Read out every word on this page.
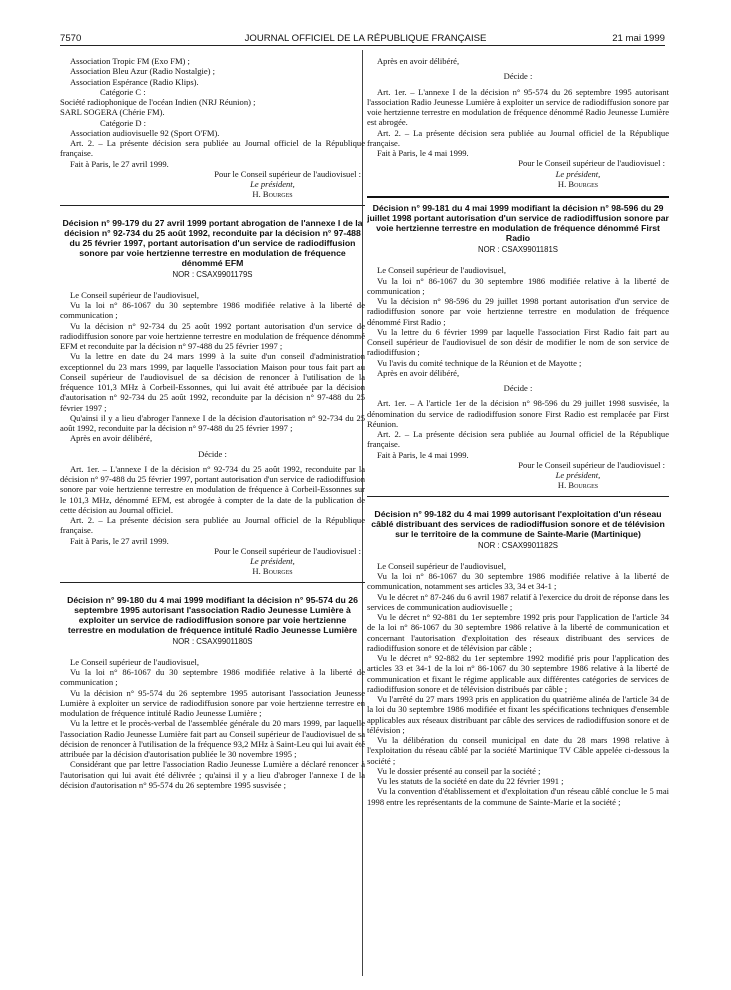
7570	JOURNAL OFFICIEL DE LA RÉPUBLIQUE FRANÇAISE	21 mai 1999

Association Tropic FM (Exo FM) ;

Association Bleu Azur (Radio Nostalgie) ;

Association Espérance (Radio Klips).

Catégorie C :

Société radiophonique de l'océan Indien (NRJ Réunion) ;

SARL SOGERA (Chérie FM).

Catégorie D :

Association audiovisuelle 92 (Sport O'FM).

Art. 2. – La présente décision sera publiée au Journal officiel de la République française.

Fait à Paris, le 27 avril 1999.

Pour le Conseil supérieur de l'audiovisuel :

Le président,

H. Bourges

Décision n° 99-179 du 27 avril 1999 portant abrogation de l'annexe I de la décision n° 92-734 du 25 août 1992, reconduite par la décision n° 97-488 du 25 février 1997, portant autorisation d'un service de radiodiffusion sonore par voie hertzienne terrestre en modulation de fréquence dénommé EFM

NOR : CSAX9901179S

Le Conseil supérieur de l'audiovisuel,

Vu la loi n° 86-1067 du 30 septembre 1986 modifiée relative à la liberté de communication ;

Vu la décision n° 92-734 du 25 août 1992 portant autorisation d'un service de radiodiffusion sonore par voie hertzienne terrestre en modulation de fréquence dénommé EFM et reconduite par la décision n° 97-488 du 25 février 1997 ;

Vu la lettre en date du 24 mars 1999 à la suite d'un conseil d'administration exceptionnel du 23 mars 1999, par laquelle l'association Maison pour tous fait part au Conseil supérieur de l'audiovisuel de sa décision de renoncer à l'utilisation de la fréquence 101,3 MHz à Corbeil-Essonnes, qui lui avait été attribuée par la décision d'autorisation n° 92-734 du 25 août 1992, reconduite par la décision n° 97-488 du 25 février 1997 ;

Qu'ainsi il y a lieu d'abroger l'annexe I de la décision d'autorisation n° 92-734 du 25 août 1992, reconduite par la décision n° 97-488 du 25 février 1997 ;

Après en avoir délibéré,

Décide :

Art. 1er. – L'annexe I de la décision n° 92-734 du 25 août 1992, reconduite par la décision n° 97-488 du 25 février 1997, portant autorisation d'un service de radiodiffusion sonore par voie hertzienne terrestre en modulation de fréquence à Corbeil-Essonnes sur le 101,3 MHz, dénommé EFM, est abrogée à compter de la date de la publication de cette décision au Journal officiel.

Art. 2. – La présente décision sera publiée au Journal officiel de la République française.

Fait à Paris, le 27 avril 1999.

Pour le Conseil supérieur de l'audiovisuel :

Le président,

H. Bourges

Décision n° 99-180 du 4 mai 1999 modifiant la décision n° 95-574 du 26 septembre 1995 autorisant l'association Radio Jeunesse Lumière à exploiter un service de radiodiffusion sonore par voie hertzienne terrestre en modulation de fréquence intitulé Radio Jeunesse Lumière

NOR : CSAX9901180S

Le Conseil supérieur de l'audiovisuel,

Vu la loi n° 86-1067 du 30 septembre 1986 modifiée relative à la liberté de communication ;

Vu la décision n° 95-574 du 26 septembre 1995 autorisant l'association Jeunesse Lumière à exploiter un service de radiodiffusion sonore par voie hertzienne terrestre en modulation de fréquence intitulé Radio Jeunesse Lumière ;

Vu la lettre et le procès-verbal de l'assemblée générale du 20 mars 1999, par laquelle l'association Radio Jeunesse Lumière fait part au Conseil supérieur de l'audiovisuel de sa décision de renoncer à l'utilisation de la fréquence 93,2 MHz à Saint-Leu qui lui avait été attribuée par la décision d'autorisation publiée le 30 novembre 1995 ;

Considérant que par lettre l'association Radio Jeunesse Lumière a déclaré renoncer à l'autorisation qui lui avait été délivrée ; qu'ainsi il y a lieu d'abroger l'annexe I de la décision d'autorisation n° 95-574 du 26 septembre 1995 susvisée ;

Après en avoir délibéré,

Décide :

Art. 1er. – L'annexe I de la décision n° 95-574 du 26 septembre 1995 autorisant l'association Radio Jeunesse Lumière à exploiter un service de radiodiffusion sonore par voie hertzienne terrestre en modulation de fréquence dénommé Radio Jeunesse Lumière est abrogée.

Art. 2. – La présente décision sera publiée au Journal officiel de la République française.

Fait à Paris, le 4 mai 1999.

Pour le Conseil supérieur de l'audiovisuel :

Le président,

H. Bourges

Décision n° 99-181 du 4 mai 1999 modifiant la décision n° 98-596 du 29 juillet 1998 portant autorisation d'un service de radiodiffusion sonore par voie hertzienne terrestre en modulation de fréquence dénommé First Radio

NOR : CSAX9901181S

Le Conseil supérieur de l'audiovisuel,

Vu la loi n° 86-1067 du 30 septembre 1986 modifiée relative à la liberté de communication ;

Vu la décision n° 98-596 du 29 juillet 1998 portant autorisation d'un service de radiodiffusion sonore par voie hertzienne terrestre en modulation de fréquence dénommé First Radio ;

Vu la lettre du 6 février 1999 par laquelle l'association First Radio fait part au Conseil supérieur de l'audiovisuel de son désir de modifier le nom de son service de radiodiffusion ;

Vu l'avis du comité technique de la Réunion et de Mayotte ;

Après en avoir délibéré,

Décide :

Art. 1er. – A l'article 1er de la décision n° 98-596 du 29 juillet 1998 susvisée, la dénomination du service de radiodiffusion sonore First Radio est remplacée par First Réunion.

Art. 2. – La présente décision sera publiée au Journal officiel de la République française.

Fait à Paris, le 4 mai 1999.

Pour le Conseil supérieur de l'audiovisuel :

Le président,

H. Bourges

Décision n° 99-182 du 4 mai 1999 autorisant l'exploitation d'un réseau câblé distribuant des services de radiodiffusion sonore et de télévision sur le territoire de la commune de Sainte-Marie (Martinique)

NOR : CSAX9901182S

Le Conseil supérieur de l'audiovisuel,

Vu la loi n° 86-1067 du 30 septembre 1986 modifiée relative à la liberté de communication, notamment ses articles 33, 34 et 34-1 ;

Vu le décret n° 87-246 du 6 avril 1987 relatif à l'exercice du droit de réponse dans les services de communication audiovisuelle ;

Vu le décret n° 92-881 du 1er septembre 1992 pris pour l'application de l'article 34 de la loi n° 86-1067 du 30 septembre 1986 relative à la liberté de communication et concernant l'autorisation d'exploitation des réseaux distribuant des services de radiodiffusion sonore et de télévision par câble ;

Vu le décret n° 92-882 du 1er septembre 1992 modifié pris pour l'application des articles 33 et 34-1 de la loi n° 86-1067 du 30 septembre 1986 relative à la liberté de communication et fixant le régime applicable aux différentes catégories de services de radiodiffusion sonore et de télévision distribués par câble ;

Vu l'arrêté du 27 mars 1993 pris en application du quatrième alinéa de l'article 34 de la loi du 30 septembre 1986 modifiée et fixant les spécifications techniques d'ensemble applicables aux réseaux distribuant par câble des services de radiodiffusion sonore et de télévision ;

Vu la délibération du conseil municipal en date du 28 mars 1998 relative à l'exploitation du réseau câblé par la société Martinique TV Câble appelée ci-dessous la société ;

Vu le dossier présenté au conseil par la société ;

Vu les statuts de la société en date du 22 février 1991 ;

Vu la convention d'établissement et d'exploitation d'un réseau câblé conclue le 5 mai 1998 entre les représentants de la commune de Sainte-Marie et la société ;
